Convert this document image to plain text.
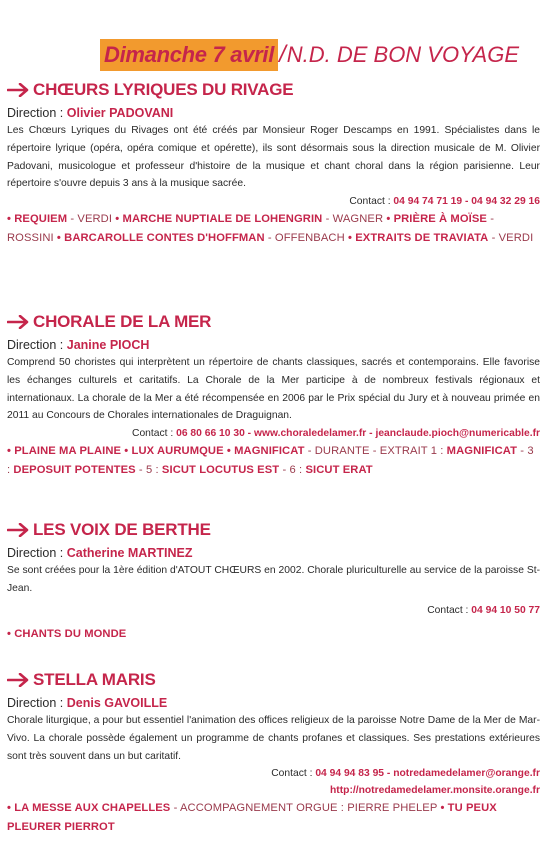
Dimanche 7 avril / N.D. DE BON VOYAGE
CHŒURS LYRIQUES DU RIVAGE
Direction : Olivier PADOVANI
Les Chœurs Lyriques du Rivages ont été créés par Monsieur Roger Descamps en 1991. Spécialistes dans le répertoire lyrique (opéra, opéra comique et opérette), ils sont désormais sous la direction musicale de M. Olivier Padovani, musicologue et professeur d'histoire de la musique et chant choral dans la région parisienne. Leur répertoire s'ouvre depuis 3 ans à la musique sacrée.
Contact : 04 94 74 71 19 - 04 94 32 29 16
• REQUIEM - VERDI • MARCHE NUPTIALE DE LOHENGRIN - WAGNER • PRIÈRE À MOÏSE - ROSSINI • BARCAROLLE CONTES D'HOFFMAN - OFFENBACH • EXTRAITS DE TRAVIATA - VERDI
CHORALE DE LA MER
Direction : Janine PIOCH
Comprend 50 choristes qui interprètent un répertoire de chants classiques, sacrés et contemporains. Elle favorise les échanges culturels et caritatifs. La Chorale de la Mer participe à de nombreux festivals régionaux et internationaux. La chorale de la Mer a été récompensée en 2006 par le Prix spécial du Jury et à nouveau primée en 2011 au Concours de Chorales internationales de Draguignan.
Contact : 06 80 66 10 30 - www.choraledelamer.fr - jeanclaude.pioch@numericable.fr
• PLAINE MA PLAINE • LUX AURUMQUE • MAGNIFICAT - DURANTE - EXTRAIT 1 : MAGNIFICAT - 3 : DEPOSUIT POTENTES - 5 : SICUT LOCUTUS EST - 6 : SICUT ERAT
LES VOIX DE BERTHE
Direction : Catherine MARTINEZ
Se sont créées pour la 1ère édition d'ATOUT CHŒURS en 2002. Chorale pluriculturelle au service de la paroisse St-Jean.
Contact : 04 94 10 50 77
• CHANTS DU MONDE
STELLA MARIS
Direction : Denis GAVOILLE
Chorale liturgique, a pour but essentiel l'animation des offices religieux de la paroisse Notre Dame de la Mer de Mar-Vivo. La chorale possède également un programme de chants profanes et classiques. Ses prestations extérieures sont très souvent dans un but caritatif.
Contact : 04 94 94 83 95 - notredamedelamer@orange.fr
http://notredamedelamer.monsite.orange.fr
• LA MESSE AUX CHAPELLES - ACCOMPAGNEMENT ORGUE : PIERRE PHELEP • TU PEUX PLEURER PIERROT
